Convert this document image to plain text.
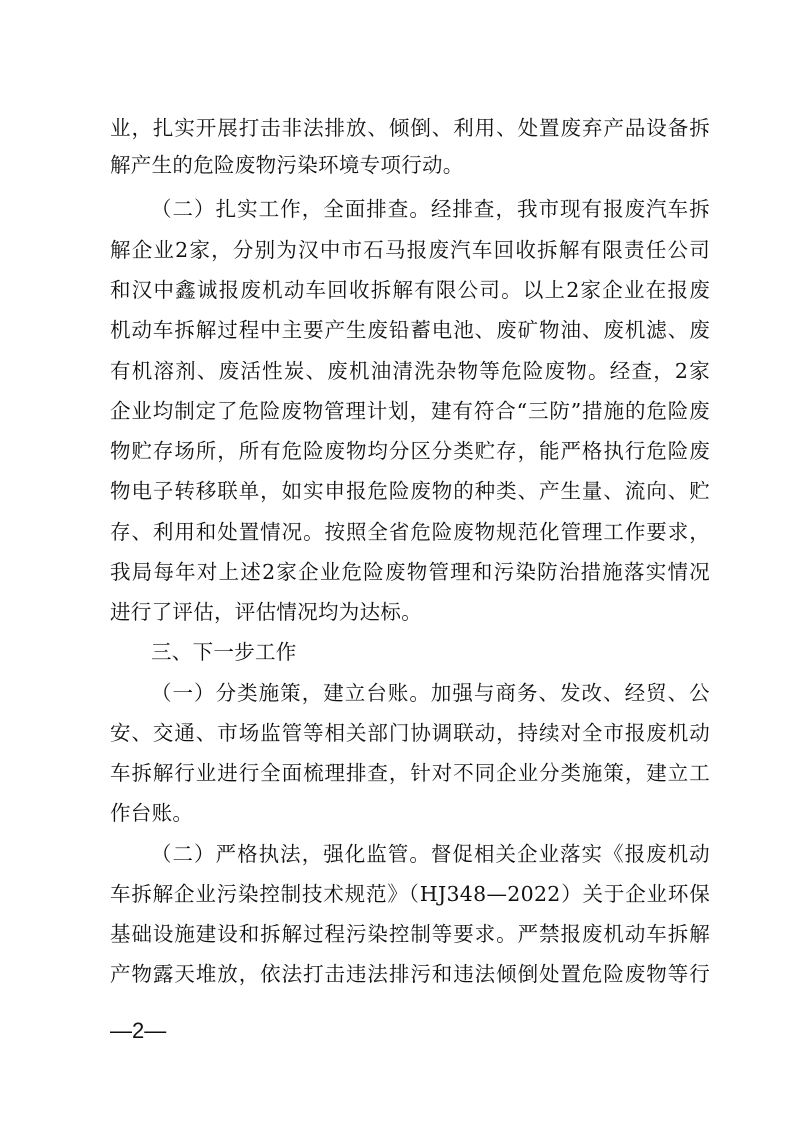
业，扎实开展打击非法排放、倾倒、利用、处置废弃产品设备拆
解产生的危险废物污染环境专项行动。
（二）扎实工作，全面排查。经排查，我市现有报废汽车拆
解企业2家，分别为汉中市石马报废汽车回收拆解有限责任公司
和汉中鑫诚报废机动车回收拆解有限公司。以上2家企业在报废
机动车拆解过程中主要产生废铅蓄电池、废矿物油、废机滤、废
有机溶剂、废活性炭、废机油清洗杂物等危险废物。经查，2家
企业均制定了危险废物管理计划，建有符合“三防”措施的危险废
物贮存场所，所有危险废物均分区分类贮存，能严格执行危险废
物电子转移联单，如实申报危险废物的种类、产生量、流向、贮
存、利用和处置情况。按照全省危险废物规范化管理工作要求，
我局每年对上述2家企业危险废物管理和污染防治措施落实情况
进行了评估，评估情况均为达标。
三、下一步工作
（一）分类施策，建立台账。加强与商务、发改、经贸、公
安、交通、市场监管等相关部门协调联动，持续对全市报废机动
车拆解行业进行全面梳理排查，针对不同企业分类施策，建立工
作台账。
（二）严格执法，强化监管。督促相关企业落实《报废机动
车拆解企业污染控制技术规范》（HJ348—2022）关于企业环保
基础设施建设和拆解过程污染控制等要求。严禁报废机动车拆解
产物露天堆放，依法打击违法排污和违法倾倒处置危险废物等行
—2—
